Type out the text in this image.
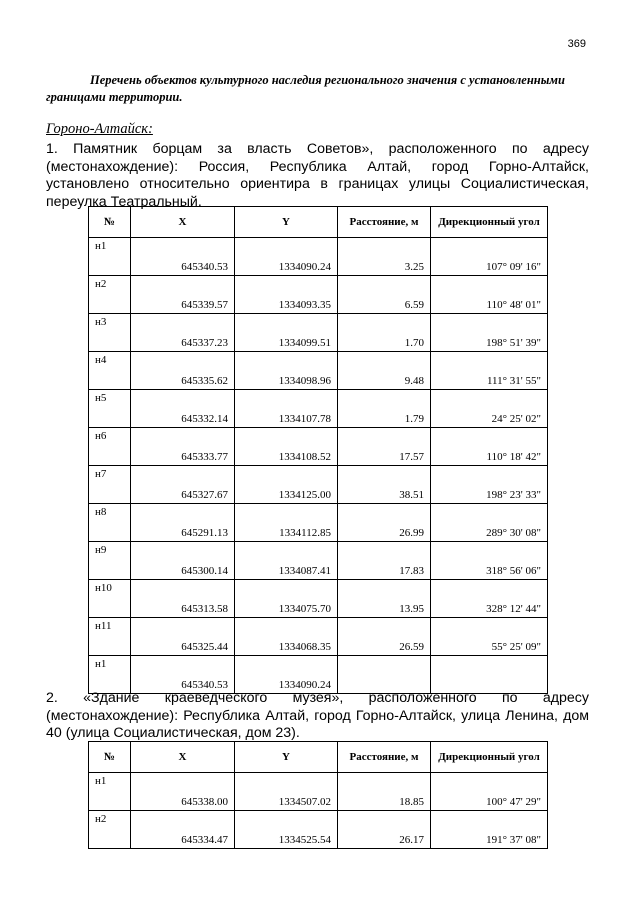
369

Перечень объектов культурного наследия регионального значения с установленными границами территории.

Гороно-Алтайск:

1. Памятник борцам за власть Советов», расположенного по адресу (местонахождение): Россия, Республика Алтай, город Горно-Алтайск, установлено относительно ориентира в границах улицы Социалистическая, переулка Театральный.

№	X	Y	Расстояние, м	Дирекционный угол
н1	645340.53	1334090.24	3.25	107° 09' 16"
н2	645339.57	1334093.35	6.59	110° 48' 01"
н3	645337.23	1334099.51	1.70	198° 51' 39"
н4	645335.62	1334098.96	9.48	111° 31' 55"
н5	645332.14	1334107.78	1.79	24° 25' 02"
н6	645333.77	1334108.52	17.57	110° 18' 42"
н7	645327.67	1334125.00	38.51	198° 23' 33"
н8	645291.13	1334112.85	26.99	289° 30' 08"
н9	645300.14	1334087.41	17.83	318° 56' 06"
н10	645313.58	1334075.70	13.95	328° 12' 44"
н11	645325.44	1334068.35	26.59	55° 25' 09"
н1	645340.53	1334090.24		

2. «Здание краеведческого музея», расположенного по адресу (местонахождение): Республика Алтай, город Горно-Алтайск, улица Ленина, дом 40 (улица Социалистическая, дом 23).

№	X	Y	Расстояние, м	Дирекционный угол
н1	645338.00	1334507.02	18.85	100° 47' 29"
н2	645334.47	1334525.54	26.17	191° 37' 08"
